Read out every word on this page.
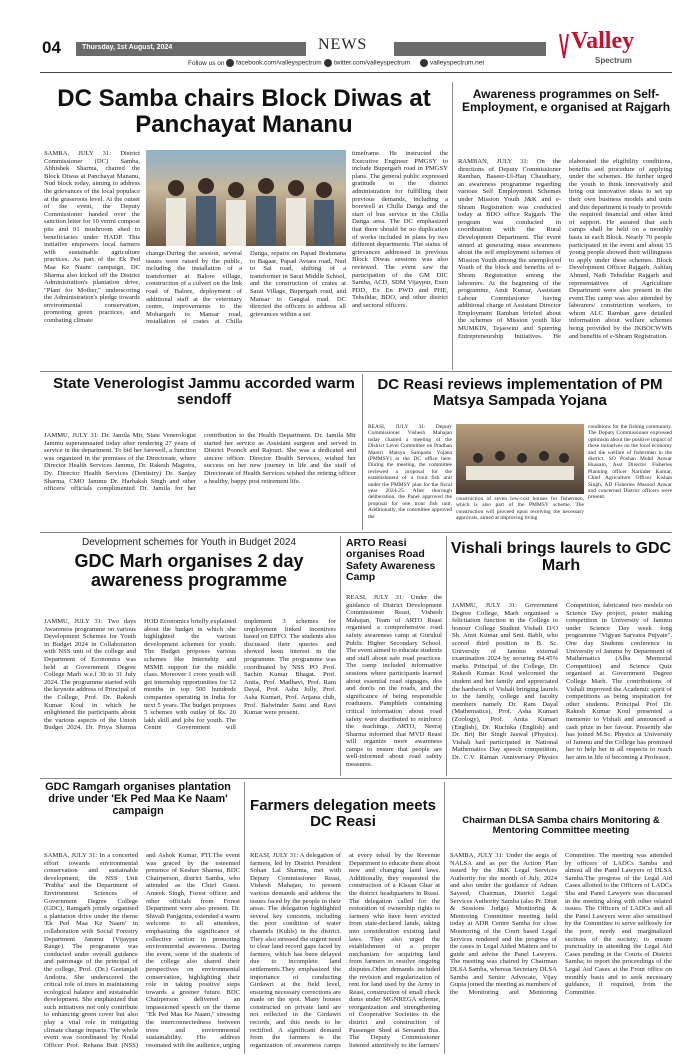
04	Thursday, 1st August, 2024	NEWS	Valley
Spectrum
Follow us on	facebook.com/valleyspectrum	twitter.com/valleyspectrum	valleyspectrum.net
DC Samba chairs Block Diwas at Panchayat Mananu
SAMBA, JULY 31: District Commissioner (DC) Samba, Abhishek Sharma, chaired the Block Diwas at Panchayat Mananu, Nud block today, aiming to address the grievances of the local populace at the grassroots level. At the outset of the event, the Deputy Commissioner handed over the sanction letter for 10 vermi compost pits and 01 mushroom shed to beneficiaries under HADP. This initiative empowers local farmers with sustainable agriculture practices. As part of the Ek Ped Maa Ke Naam' campaign, DC Sharma also kicked off the District Administration's plantation drive, "Plant for Mother," underscoring the Administration's pledge towards environmental conservation, promoting green practices, and combating climate
change.During the session, several issues were raised by the public, including the installation of a transformer at Balore village, construction of a culvert on the link road of Balore, deployment of additional staff at the veterinary centre, improvements to the Mohargarh to Mansar road, installation of crates at Chilla Danga, repairs on Papad Brahmana to Bagaar, Papad Avtara road, Nud to Sai road, shifting of a transformer in Sarai Middle School, and the construction of crates at Sarai Village, Bupergarh road, and Mansar to Gangial road. DC directed the officers to address all grievances within a set
timeframe. He instructed the Executive Engineer PMGSY to include Bupergarh road in PMGSY plans. The general public expressed gratitude to the district administration for fulfilling their previous demands, including a borewell at Chilla Danga and the start of bus service in the Chilla Danga area. The DC emphasized that there should be no duplication of works included in plans by two different departments. The status of grievances addressed in previous Block Diwas sessions was also reviewed. The event saw the participation of the GM DIC Samba, ACD, SDM Vijaypur, Exen PDD, Ex En PWD and PHE, Tehsildar, BDO, and other district and sectoral officers.
Awareness programmes on Self-Employment, e organised at Rajgarh
RAMBAN, JULY 31: On the directions of Deputy Commissioner Ramban, Baseer-Ul-Haq Chaudhary, an awareness programme regarding various Self Employment Schemes under Mission Youth J&K and e-Shram Registration was conducted today at BDO office Rajgarh. The program was conducted in coordination with the Rural Development Department. The event aimed at generating mass awareness about the self employment schemes of Mission Youth among the unemployed Youth of the block and benefits of e-Shram Registration among the labourers. At the beginning of the programme, Amit Kumar, Assistant Labour Commissioner having additional charge of Assistant Director Employment Ramban briefed about the schemes of Mission youth like MUMKIN, Tejaswini and Spurring Entrepreneurship Initiatives. He elaborated the eligibility conditions, benefits and procedure of applying under the schemes. He further urged the youth to think innovatively and bring out innovative ideas to set up their own business models and units and this department is ready to provide the required financial and other kind of support. He assured that such camps shall be held on a monthly basis in each Block. Nearly 70 people participated in the event and about 15 young people showed their willingness to apply under these schemes. Block Development Officer Rajgarh, Ashfaq Ahmed, Naib Tehsildar Rajgarh and representatives of Agriculture Department were also present in the event.The camp was also attended by labourers/ construction workers, to whom ALC Ramban gave detailed information about welfare schemes being provided by the JKBOCWWB and benefits of e-Shram Registration.
State Venerologist Jammu accorded warm sendoff
JAMMU, JULY 31: Dr. Jamila Mir, State Venerologist Jammu superannuated today after rendering 27 years of service in the department. To bid her farewell, a function was organized in the premises of the Directorate, where Director Health Services Jammu, Dr. Rakesh Magotra, Dy. Director Health Services (Dentistry) Dr. Sanjay Sharma, CMO Jammu Dr. Harbaksh Singh and other officers/ officials complimented Dr. Jamila for her contribution to the Health Department. Dr. Jamila Mir started her service as Assistant surgeon and served in District Poonch and Rajouri. She was a dedicated and sincere officer. Director Health Services, wished her success on her new journey in life and the staff of Directorate of Health Services wished the retiring officer a healthy, happy post retirement life.
DC Reasi reviews implementation of PM Matsya Sampada Yojana
REASI, JULY 31: Deputy Commissioner Vishesh Mahajan today chaired a meeting of the District Level Committee on Pradhan Mantri Matsya Sampada Yojana (PMMSY) at the DC office here. During the meeting, the committee reviewed a proposal for the establishment of a trout fish unit under the PMMSY plan for the fiscal year 2024-25. After thorough deliberation, the Panel approved the proposal for one trout fish unit. Additionally, the committee approved the
construction of seven low-cost houses for fishermen, which is also part of the PMMSY scheme. The construction will proceed upon receiving the necessary approvals, aimed at improving living
conditions for the fishing community. The Deputy Commissioner expressed optimism about the positive impact of these initiatives on the local economy and the welfare of fishermen in the district. SO Poshan Mohd Anwar Hussain, Asst Director Fisheries Planning officer Narinder Kumar, Chief Agriculture Officer Kishan Singh, AD Fisheries Masood Anwar and concerned District officers were present.
Development schemes for Youth in Budget 2024
GDC Marh organises 2 day awareness programme
JAMMU, JULY 31: Two days Awareness programme on various Development Schemes for Youth in Budget 2024 in Collaboration with NSS unit of the college and Department of Economics was held at Government Degree College Marh w.e.f 30 to 31 July 2024. The programme started with the keynote address of Principal of the College, Prof. Dr. Rakesh Kumar Koul in which he enlightened the participants about the various aspects of the Union Budget 2024. Dr. Priya Sharma HOD Economics briefly explained about the budget in which she highlighted the various development schemes for youth. The Budget proposes various schemes like Internship and MSME support for the middle class. Moreover 1 crore youth will get internship opportunities for 12 months in top 500 hundreds companies operating in India for next 5 years. The budget proposes 5 schemes with outlay of Rs. 20 lakh skill and jobs for youth. The Centre Government will implement 3 schemes for employment linked incentives based on EPFO. The students also discussed their queries and showed keen interest in the programme. The programme was coordinated by NSS PO Prof. Sachin Kumar Bhagat. Prof. Anita, Prof. Madhavi, Prof. Ram Dayal, Prof. Ashu Jolly, Prof. Asha Kumari, Prof. Anjana chib, Prof. Balwinder Saini and Ravi Kumar were present.
ARTO Reasi organises Road Safety Awareness Camp
REASI, JULY 31: Under the guidance of District Development Commissioner Reasi, Vishesh Mahajan, Team of ARTO Reasi organised a comprehensive road safety awareness camp at Gurukul Public Higher Secondary School. The event aimed to educate students and staff about safe road practices. The camp included informative sessions where participants learned about essential road signages, dos and don'ts on the roads, and the significance of being responsible roadusers. Pamphlets containing critical information about road safety were distributed to reinforce the teachings. ARTO, Neeraj Sharma informed that MVD Reasi will organize more awareness camps to ensure that people are well-informed about road safety measures.
Vishali brings laurels to GDC Marh
JAMMU, JULY 31: Government Degree College, Marh organised a felicitation function in the College to honour College Student Vishali D/O Sh. Amit Kumar and Smt. Babli, who scored third position in B. Sc. University of Jammu external examination 2024 by securing 84.45% marks. Principal of the College, Dr. Rakesh Kumar Koul welcomed the student and her family and appreciated the hardwork of Vishali bringing laurels to the family, college and faculty members namely Dr. Ram Dayal (Mathematics), Prof. Asha Kumari (Zoology), Prof. Anita Kumari (English), Dr. Ruchika (English) and Dr. Brij Bir Singh Jaswal (Physics). Vishali had participated in National Mathematics Day speech competition, Dr. C.V. Raman Anniversary Physics Competition, fabricated two models on Science Day project, poster making competition in University of Jammu under Science Day week long programme "Vigyan Sarvatra Pujyate". One day Students conference in University of Jammu by Department of Mathematics (Alha Memorial Competition) and Science Quiz organised at Government Degree College Marh. The contributions of Vishali improved the Academic spirit of competitions as being inspiration for other students. Principal Prof Dr. Rakesh Kumar Koul presented a memento to Vishali and announced a cash prize in her favour. Presently she has joined M.Sc. Physics at University of Jammu and the College has promised her to help her in all respects to reach her aim in life of becoming a Professor.
GDC Ramgarh organises plantation drive under 'Ek Ped Maa Ke Naam' campaign
SAMBA, JULY 31: In a concerted effort towards environmental conservation and sustainable development, the NSS Unit 'Prabha' and the Department of Environment Sciences of Government Degree College (GDC), Ramgarh jointly organised a plantation drive under the theme 'Ek Ped Maa Ke Naam' in collaboration with Social Forestry Department Jammu (Vijaypur Range). The programme was conducted under overall guidance and patronage of the principal of the college, Prof. (Dr.) Geetanjali Andotra. She underscored the critical role of trees in maintaining ecological balance and sustainable development. She emphasized that such initiatives not only contribute to enhancing green cover but also play a vital role in mitigating climate change impacts. The whole event was coordinated by Nodal Officer Prof. Rehana Butt (NSS) and Ashok Kumar, PTI.The event was graced by the esteemed presence of Keshav Sharma, BDC Chairperson, district Samba, who attended as the Chief Guest. Ameek Singh, Forest officer and other officials from Forest Department were also present. Dr. Shivali Panjgotra, extended a warm welcome to all attendees, emphasizing the significance of collective action in promoting environmental awareness. During the event, some of the students of the college also shared their perspectives on environmental conservation, highlighting their role in taking positive steps towards a greener future. BDC Chairperson delivered an impassioned speech on the theme "Ek Ped Maa Ke Naam," stressing the interconnectedness between trees and environmental sustainability. His address resonated with the audience, urging
Farmers delegation meets DC Reasi
REASI, JULY 31: A delegation of farmers, led by District President Sohan Lal Sharma, met with Deputy Commissioner Reasi, Vishesh Mahajan, to present various demands and address the issues faced by the people in their areas. The delegation highlighted several key concerns, including the poor condition of water channels (Kuhls) in the district. They also stressed the urgent need to clear land record gaps faced by farmers, which has been delayed due to incomplete land settlements.They emphasized the importance of conducting Girdawri at the field level, ensuring necessary corrections are made on the spot. Many houses constructed on private land are not reflected in the Girdawri records, and this needs to be rectified. A significant demand from the farmers is the organization of awareness camps at every tehsil by the Revenue Department to educate them about new and changing land laws. Additionally, they requested the construction of a Kissan Ghar at the district headquarters in Reasi. The delegation called for the restoration of ownership rights to farmers who have been evicted from state-declared lands, taking into consideration existing land laws. They also urged the establishment of a proper mechanism for acquiring land from farmers to resolve ongoing disputes.Other demands included the revision and regularization of rent for land used by the Army in Reasi, construction of small check dams under MGNREGA scheme, reorganization and strengthening of Cooperative Societies in the district and construction of Passenger Shed at Sersandi Bus. The Deputy Commissioner listened attentively to the farmers'
Chairman DLSA Samba chairs Monitoring & Mentoring Committee meeting
SAMBA, JULY 31: Under the aegis of NALSA and as per the Action Plan issued by the J&K Legal Services Authority for the month of July, 2024 and also under the guidance of Adnan Sayeed, Chairman, District Legal Services Authority Samba (also Pr. Distt & Sessions Judge) Monitoring & Mentoring Committee meeting held today at ADR Centre Samba for close Monitoring of the Court based Legal Services rendered and the progress of the cases in Legal Aided Matters and to guide and advise the Panel Lawyers. The meeting was chaired by Chairman DLSA Samba, whereas Secretary DLSA Samba and Senior Advocate, Vijay Gupta joined the meeting as members of the Monitoring and Mentoring Committee. The meeting was attended by officers of LADCs Samba and almost all the Panel Lawyers of DLSA Samba.The progress of the Legal Aid Cases allotted to the Officers of LADCs Sba and Panel Lawyers was discussed in the meeting along with other related issues. The Officers of LADCs and all the Panel Lawyers were also sensitised by the Committee to serve selflessly for the poor, needy and marginalized sections of the society; to ensure punctuality in attending the Legal Aid Cases pending in the Courts of District Samba; to report the proceedings of the Legal Aid Cases at the Front office on monthly basis and to seek necessary guidance, if required, from the Committee.
